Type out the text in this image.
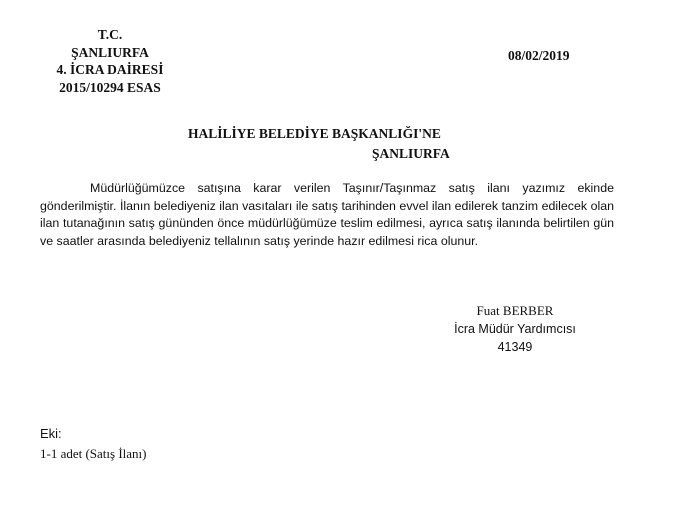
T.C.
ŞANLIURFA
4. İCRA DAİRESİ
2015/10294 ESAS
08/02/2019
HALİLİYE BELEDİYE BAŞKANLIĞI'NE
ŞANLIURFA

Müdürlüğümüzce satışına karar verilen Taşınır/Taşınmaz satış ilanı yazımız ekinde gönderilmiştir. İlanın belediyeniz ilan vasıtaları ile satış tarihinden evvel ilan edilerek tanzim edilecek olan ilan tutanağının satış gününden önce müdürlüğümüze teslim edilmesi, ayrıca satış ilanında belirtilen gün ve saatler arasında belediyeniz tellalının satış yerinde hazır edilmesi rica olunur.

Fuat BERBER
İcra Müdür Yardımcısı
41349
Eki:
1-1 adet (Satış İlanı)
